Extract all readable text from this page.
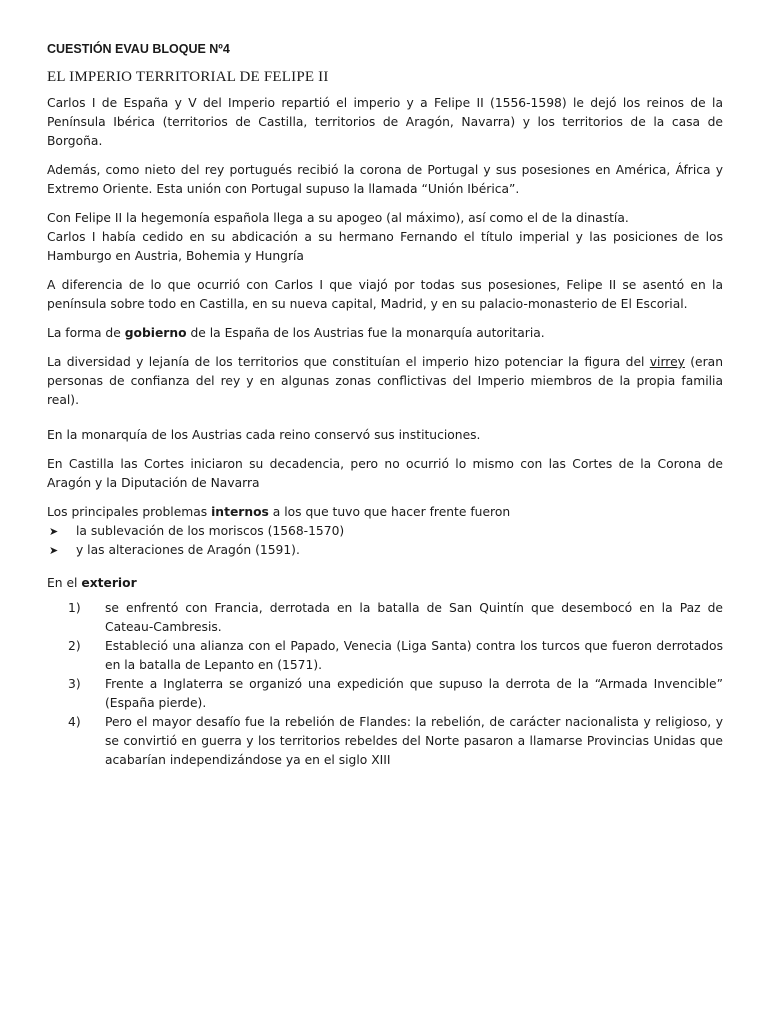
CUESTIÓN EVAU BLOQUE Nº4
EL IMPERIO TERRITORIAL DE FELIPE II

Carlos I de España y V del Imperio repartió el imperio y a Felipe II (1556-1598) le dejó los reinos de la Península Ibérica (territorios de Castilla, territorios de Aragón, Navarra) y los territorios de la casa de Borgoña.

Además, como nieto del rey portugués recibió la corona de Portugal y sus posesiones en América, África y Extremo Oriente. Esta unión con Portugal supuso la llamada “Unión Ibérica”.

Con Felipe II la hegemonía española llega a su apogeo (al máximo), así como el de la dinastía.

Carlos I había cedido en su abdicación a su hermano Fernando el título imperial y las posiciones de los Hamburgo en Austria, Bohemia y Hungría

A diferencia de lo que ocurrió con Carlos I que viajó por todas sus posesiones, Felipe II se asentó en la península sobre todo en Castilla, en su nueva capital, Madrid, y en su palacio-monasterio de El Escorial.

La forma de gobierno de la España de los Austrias fue la monarquía autoritaria.

La diversidad y lejanía de los territorios que constituían el imperio hizo potenciar la figura del virrey (eran personas de confianza del rey y en algunas zonas conflictivas del Imperio miembros de la propia familia real).

En la monarquía de los Austrias cada reino conservó sus instituciones.

En Castilla las Cortes iniciaron su decadencia, pero no ocurrió lo mismo con las Cortes de la Corona de Aragón y la Diputación de Navarra

Los principales problemas internos a los que tuvo que hacer frente fueron

➤ la sublevación de los moriscos (1568-1570)
➤ y las alteraciones de Aragón (1591).

En el exterior

1) se enfrentó con Francia, derrotada en la batalla de San Quintín que desembocó en la Paz de Cateau-Cambresis.
2) Estableció una alianza con el Papado, Venecia (Liga Santa) contra los turcos que fueron derrotados en la batalla de Lepanto en (1571).
3) Frente a Inglaterra se organizó una expedición que supuso la derrota de la “Armada Invencible” (España pierde).
4) Pero el mayor desafío fue la rebelión de Flandes: la rebelión, de carácter nacionalista y religioso, y se convirtió en guerra y los territorios rebeldes del Norte pasaron a llamarse Provincias Unidas que acabarían independizándose ya en el siglo XIII
